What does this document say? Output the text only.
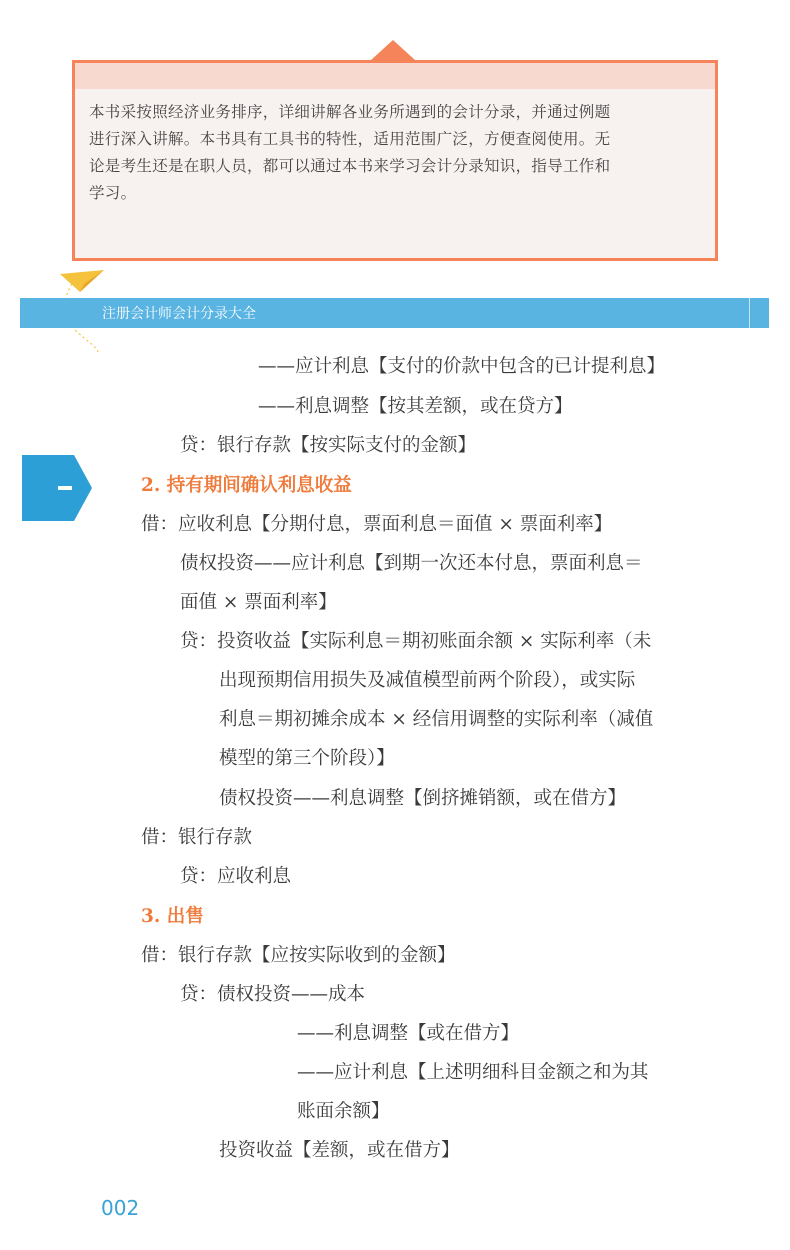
本书采按照经济业务排序，详细讲解各业务所遇到的会计分录，并通过例题
进行深入讲解。本书具有工具书的特性，适用范围广泛，方便查阅使用。无
论是考生还是在职人员，都可以通过本书来学习会计分录知识，指导工作和
学习。
注册会计师会计分录大全
——应计利息【支付的价款中包含的已计提利息】
——利息调整【按其差额，或在贷方】
贷：银行存款【按实际支付的金额】
2. 持有期间确认利息收益
借：应收利息【分期付息，票面利息＝面值 × 票面利率】
债权投资——应计利息【到期一次还本付息，票面利息＝
面值 × 票面利率】
贷：投资收益【实际利息＝期初账面余额 × 实际利率（未
出现预期信用损失及减值模型前两个阶段），或实际
利息＝期初摊余成本 × 经信用调整的实际利率（减值
模型的第三个阶段）】
债权投资——利息调整【倒挤摊销额，或在借方】
借：银行存款
贷：应收利息
3. 出售
借：银行存款【应按实际收到的金额】
贷：债权投资——成本
——利息调整【或在借方】
——应计利息【上述明细科目金额之和为其
账面余额】
投资收益【差额，或在借方】
002
